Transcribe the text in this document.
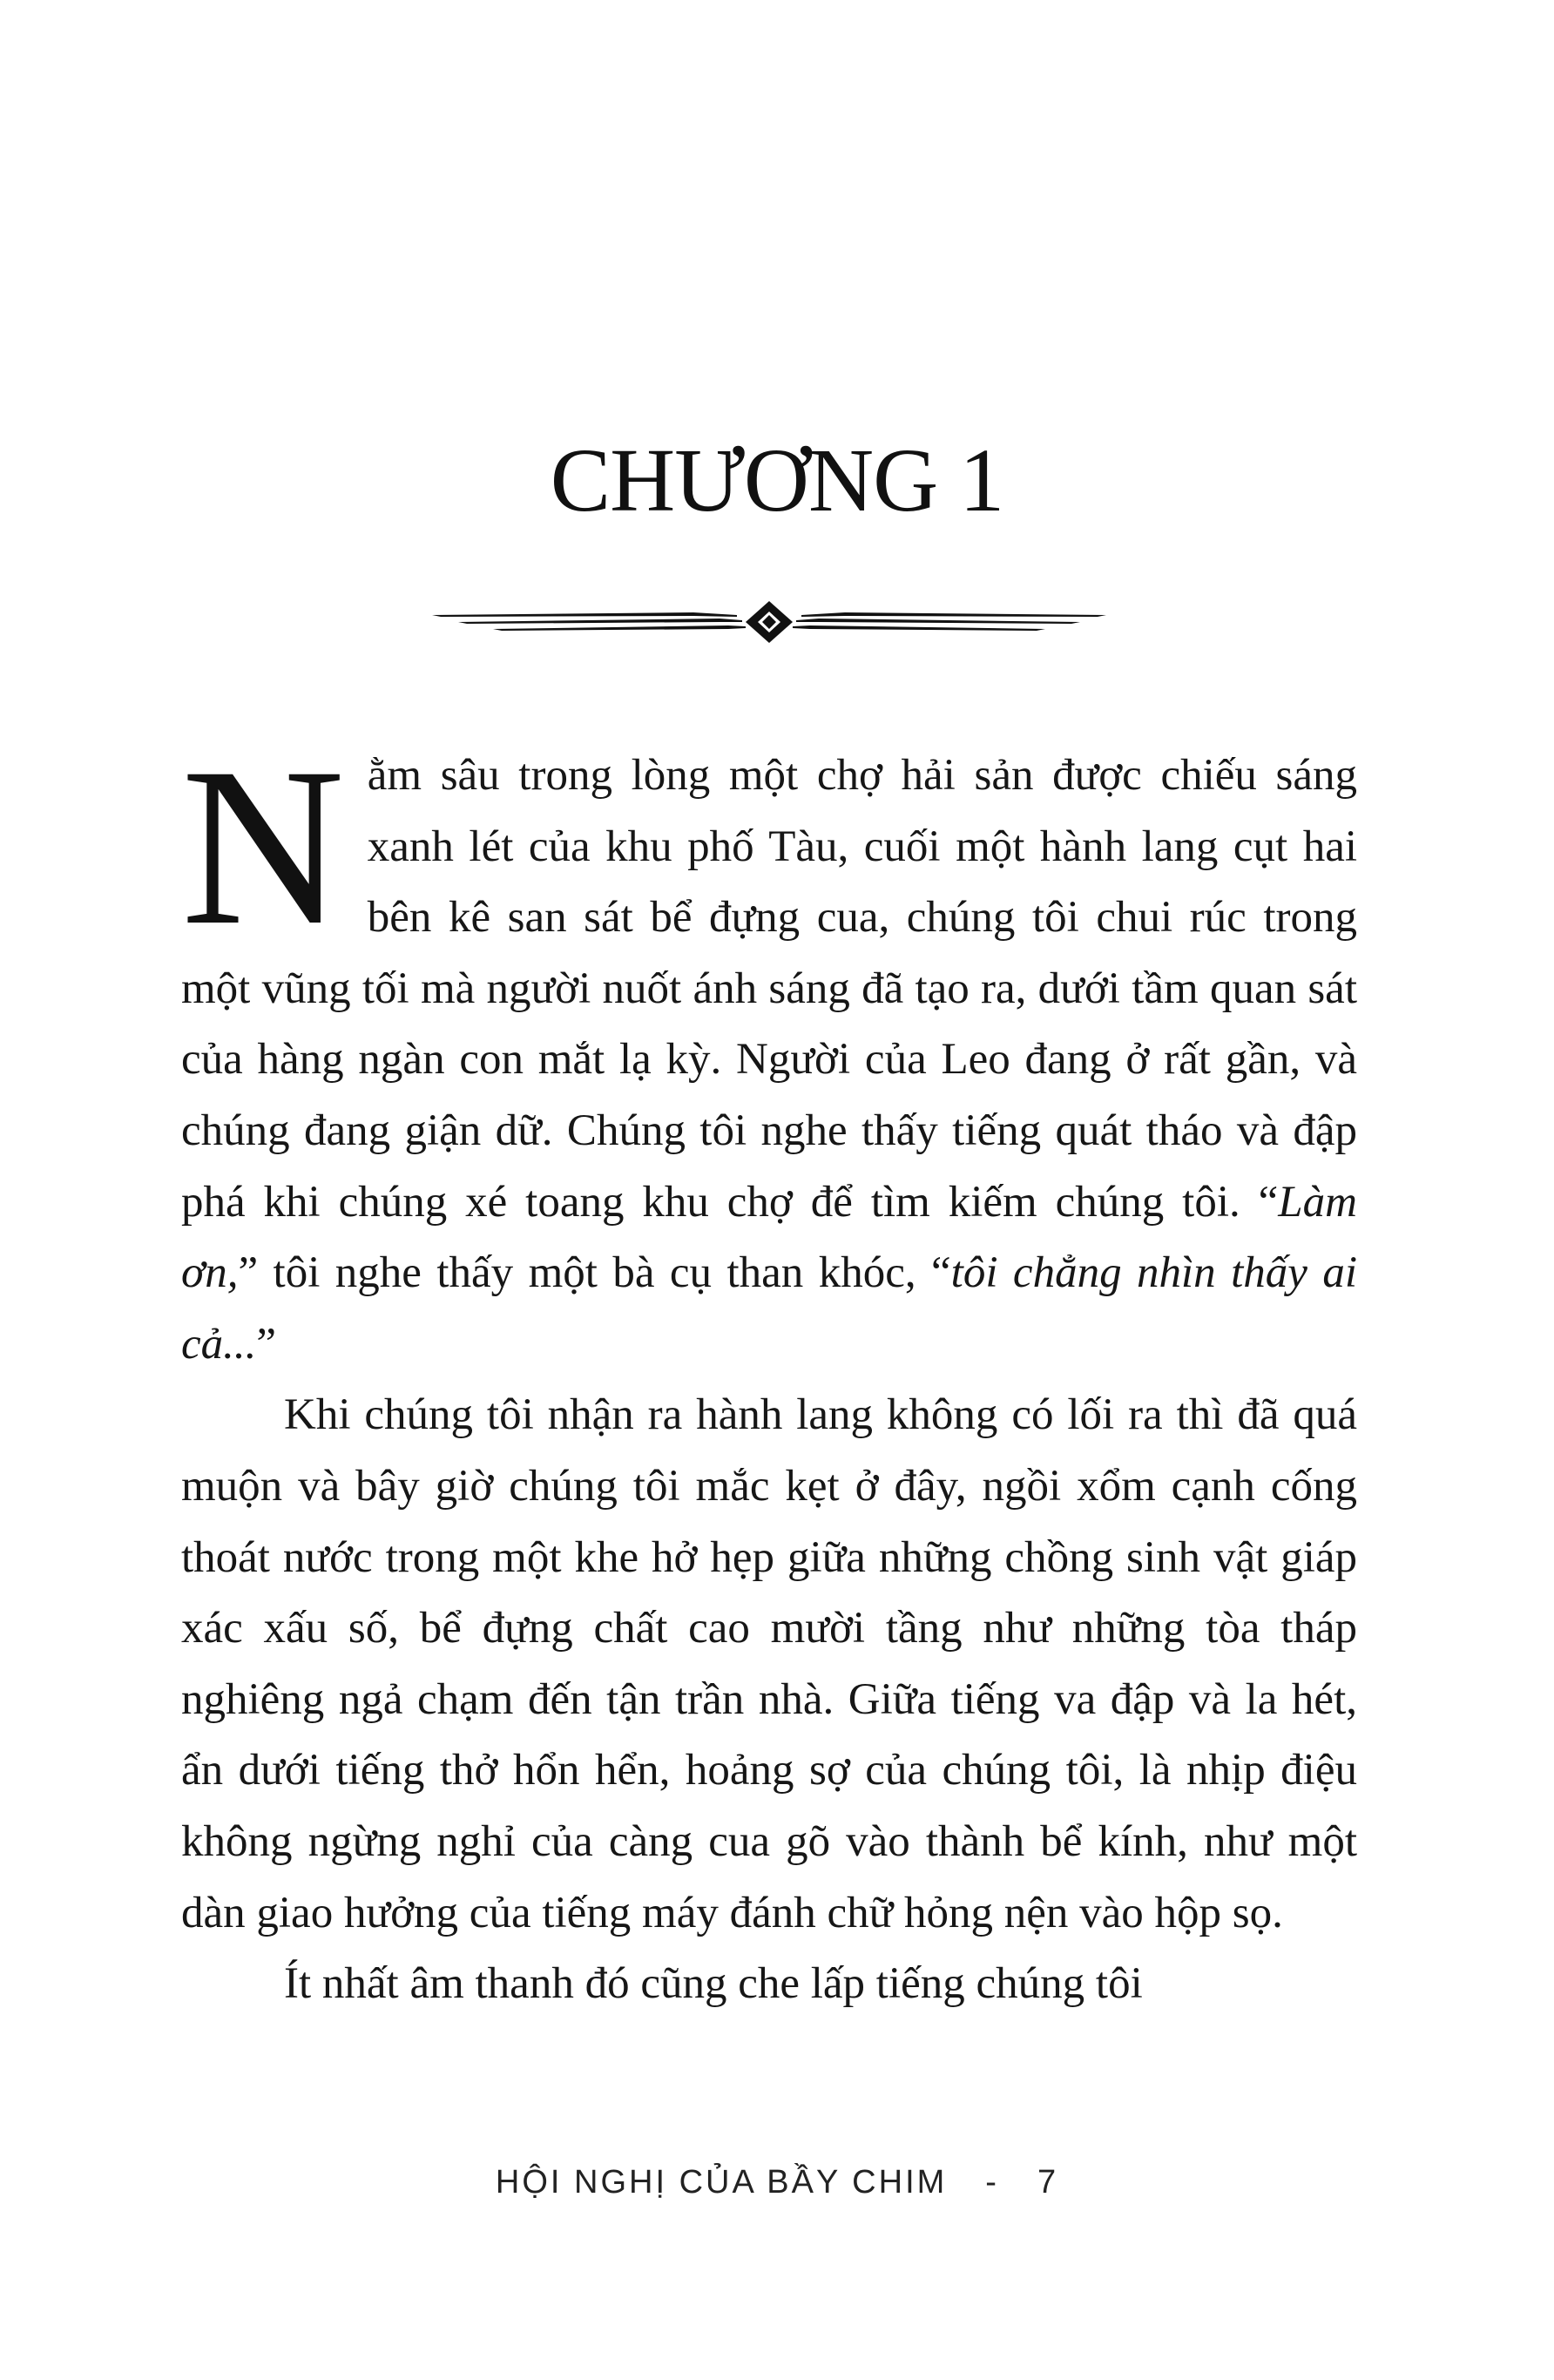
CHƯƠNG 1

Nằm sâu trong lòng một chợ hải sản được chiếu sáng xanh lét của khu phố Tàu, cuối một hành lang cụt hai bên kê san sát bể đựng cua, chúng tôi chui rúc trong một vũng tối mà người nuốt ánh sáng đã tạo ra, dưới tầm quan sát của hàng ngàn con mắt lạ kỳ. Người của Leo đang ở rất gần, và chúng đang giận dữ. Chúng tôi nghe thấy tiếng quát tháo và đập phá khi chúng xé toang khu chợ để tìm kiếm chúng tôi. “Làm ơn,” tôi nghe thấy một bà cụ than khóc, “tôi chẳng nhìn thấy ai cả...”

Khi chúng tôi nhận ra hành lang không có lối ra thì đã quá muộn và bây giờ chúng tôi mắc kẹt ở đây, ngồi xổm cạnh cống thoát nước trong một khe hở hẹp giữa những chồng sinh vật giáp xác xấu số, bể đựng chất cao mười tầng như những tòa tháp nghiêng ngả chạm đến tận trần nhà. Giữa tiếng va đập và la hét, ẩn dưới tiếng thở hổn hển, hoảng sợ của chúng tôi, là nhịp điệu không ngừng nghỉ của càng cua gõ vào thành bể kính, như một dàn giao hưởng của tiếng máy đánh chữ hỏng nện vào hộp sọ.

Ít nhất âm thanh đó cũng che lấp tiếng chúng tôi

HỘI NGHỊ CỦA BẦY CHIM - 7
